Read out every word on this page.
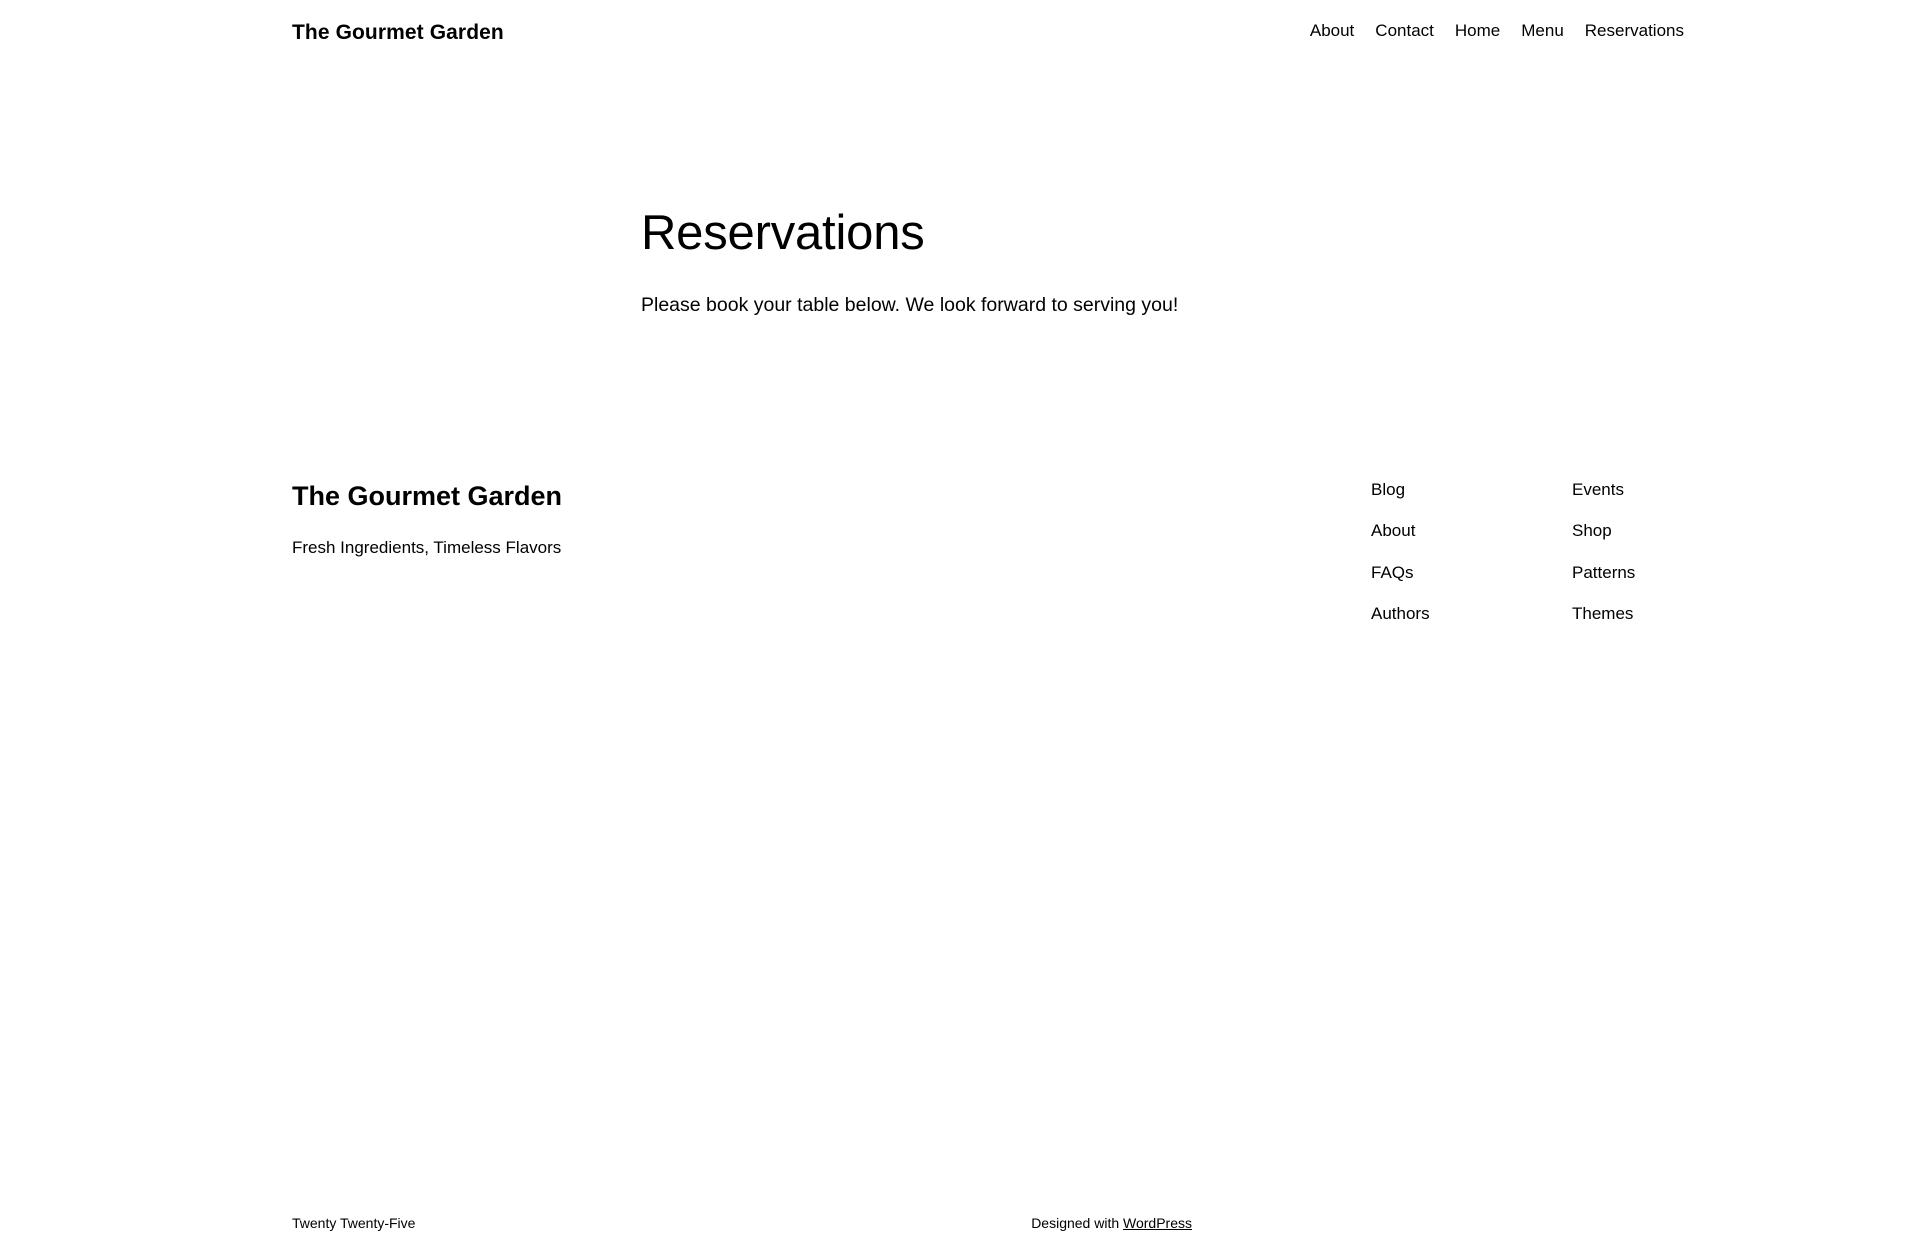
The Gourmet Garden	About Contact Home Menu Reservations
Reservations

Please book your table below. We look forward to serving you!

The Gourmet Garden

Fresh Ingredients, Timeless Flavors

Blog
About
FAQs
Authors
Events
Shop
Patterns
Themes
Twenty Twenty-Five	Designed with WordPress
